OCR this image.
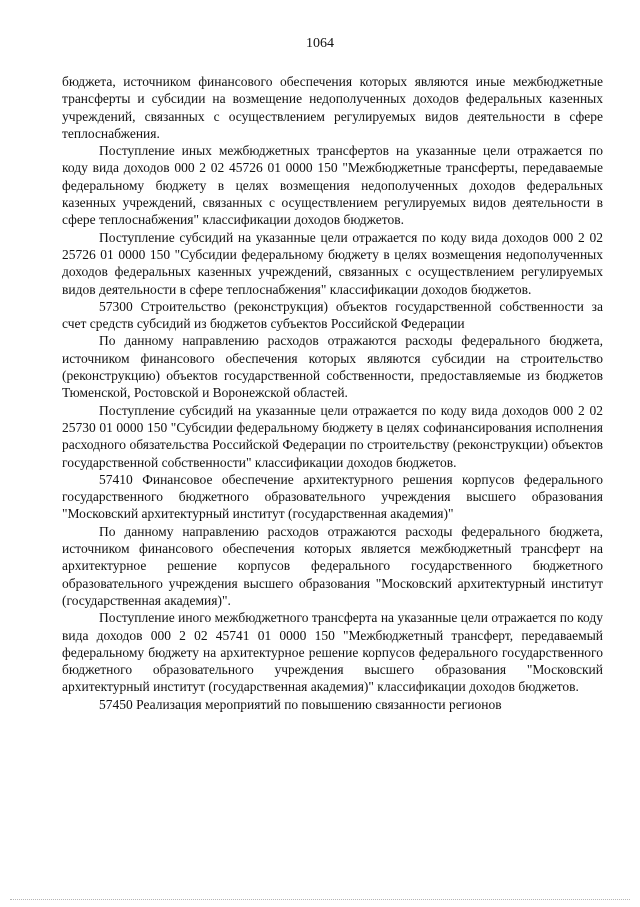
1064

бюджета, источником финансового обеспечения которых являются иные межбюджетные трансферты и субсидии на возмещение недополученных доходов федеральных казенных учреждений, связанных с осуществлением регулируемых видов деятельности в сфере теплоснабжения.

Поступление иных межбюджетных трансфертов на указанные цели отражается по коду вида доходов 000 2 02 45726 01 0000 150 "Межбюджетные трансферты, передаваемые федеральному бюджету в целях возмещения недополученных доходов федеральных казенных учреждений, связанных с осуществлением регулируемых видов деятельности в сфере теплоснабжения" классификации доходов бюджетов.

Поступление субсидий на указанные цели отражается по коду вида доходов 000 2 02 25726 01 0000 150 "Субсидии федеральному бюджету в целях возмещения недополученных доходов федеральных казенных учреждений, связанных с осуществлением регулируемых видов деятельности в сфере теплоснабжения" классификации доходов бюджетов.

57300 Строительство (реконструкция) объектов государственной собственности за счет средств субсидий из бюджетов субъектов Российской Федерации

По данному направлению расходов отражаются расходы федерального бюджета, источником финансового обеспечения которых являются субсидии на строительство (реконструкцию) объектов государственной собственности, предоставляемые из бюджетов Тюменской, Ростовской и Воронежской областей.

Поступление субсидий на указанные цели отражается по коду вида доходов 000 2 02 25730 01 0000 150 "Субсидии федеральному бюджету в целях софинансирования исполнения расходного обязательства Российской Федерации по строительству (реконструкции) объектов государственной собственности" классификации доходов бюджетов.

57410 Финансовое обеспечение архитектурного решения корпусов федерального государственного бюджетного образовательного учреждения высшего образования "Московский архитектурный институт (государственная академия)"

По данному направлению расходов отражаются расходы федерального бюджета, источником финансового обеспечения которых является межбюджетный трансферт на архитектурное решение корпусов федерального государственного бюджетного образовательного учреждения высшего образования "Московский архитектурный институт (государственная академия)".

Поступление иного межбюджетного трансферта на указанные цели отражается по коду вида доходов 000 2 02 45741 01 0000 150 "Межбюджетный трансферт, передаваемый федеральному бюджету на архитектурное решение корпусов федерального государственного бюджетного образовательного учреждения высшего образования "Московский архитектурный институт (государственная академия)" классификации доходов бюджетов.

57450 Реализация мероприятий по повышению связанности регионов
